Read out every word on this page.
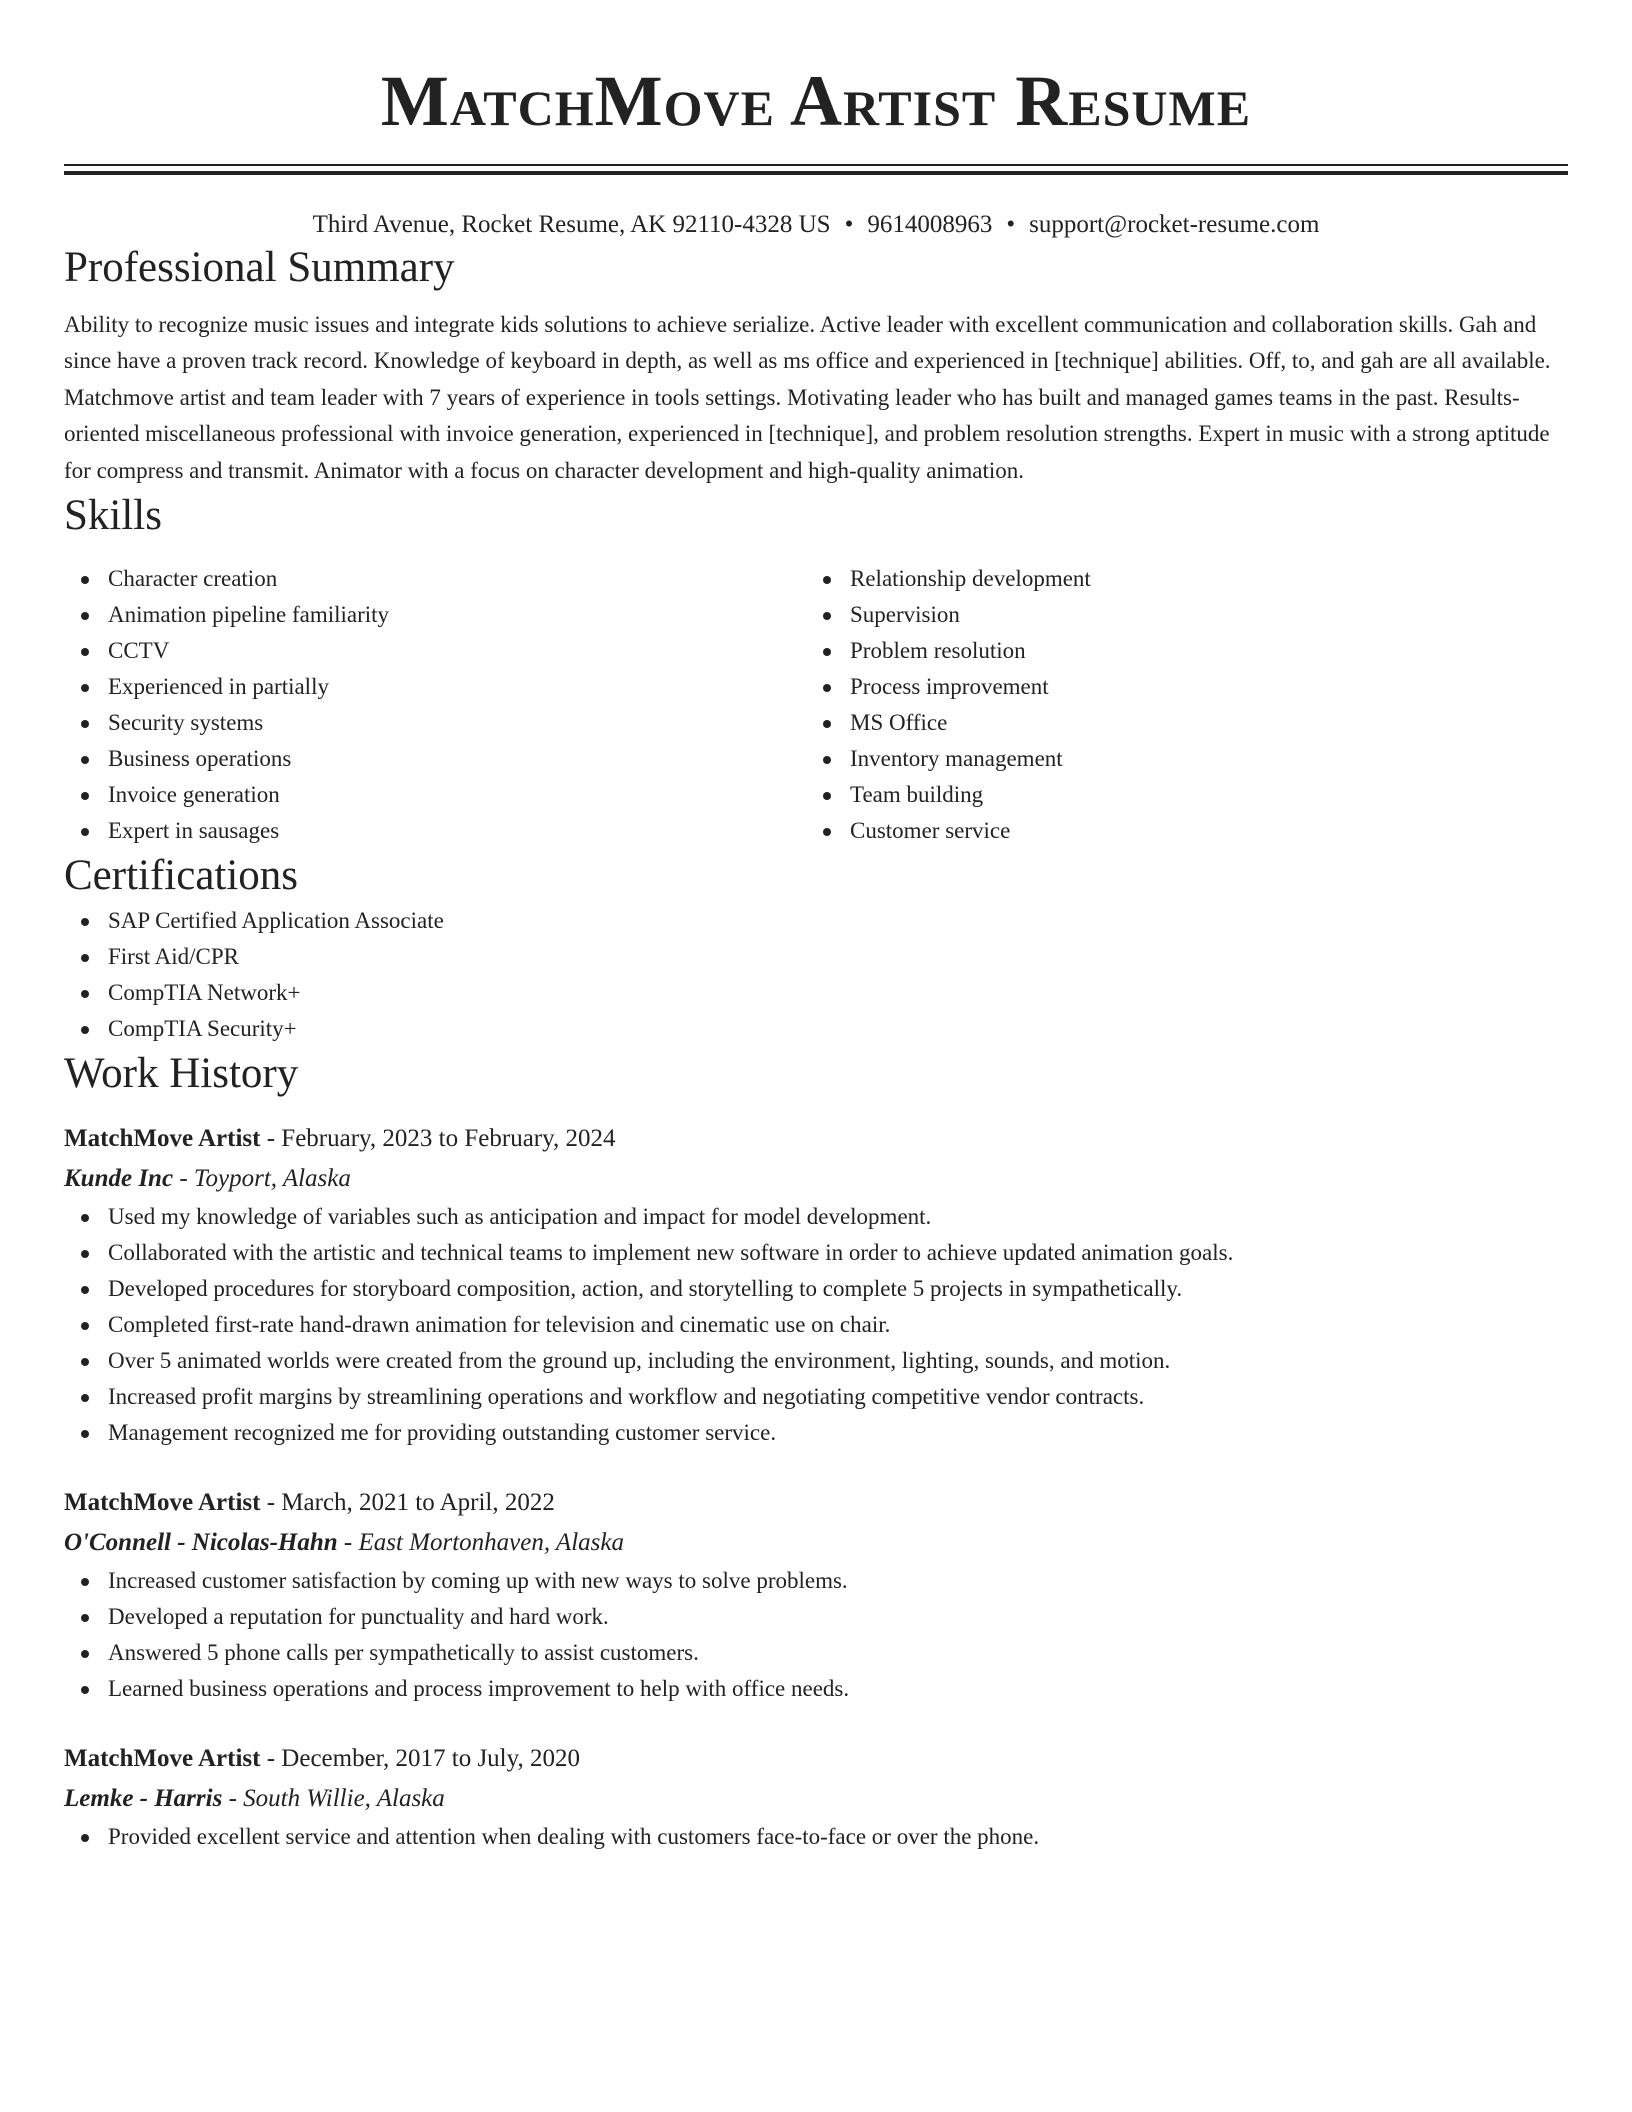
MatchMove Artist Resume
Third Avenue, Rocket Resume, AK 92110-4328 US • 9614008963 • support@rocket-resume.com
Professional Summary

Ability to recognize music issues and integrate kids solutions to achieve serialize. Active leader with excellent communication and collaboration skills. Gah and since have a proven track record. Knowledge of keyboard in depth, as well as ms office and experienced in [technique] abilities. Off, to, and gah are all available. Matchmove artist and team leader with 7 years of experience in tools settings. Motivating leader who has built and managed games teams in the past. Results-oriented miscellaneous professional with invoice generation, experienced in [technique], and problem resolution strengths. Expert in music with a strong aptitude for compress and transmit. Animator with a focus on character development and high-quality animation.

Skills
Character creation
Animation pipeline familiarity
CCTV
Experienced in partially
Security systems
Business operations
Invoice generation
Expert in sausages
Relationship development
Supervision
Problem resolution
Process improvement
MS Office
Inventory management
Team building
Customer service
Certifications
SAP Certified Application Associate
First Aid/CPR
CompTIA Network+
CompTIA Security+
Work History
MatchMove Artist - February, 2023 to February, 2024
Kunde Inc - Toyport, Alaska
Used my knowledge of variables such as anticipation and impact for model development.
Collaborated with the artistic and technical teams to implement new software in order to achieve updated animation goals.
Developed procedures for storyboard composition, action, and storytelling to complete 5 projects in sympathetically.
Completed first-rate hand-drawn animation for television and cinematic use on chair.
Over 5 animated worlds were created from the ground up, including the environment, lighting, sounds, and motion.
Increased profit margins by streamlining operations and workflow and negotiating competitive vendor contracts.
Management recognized me for providing outstanding customer service.
MatchMove Artist - March, 2021 to April, 2022
O'Connell - Nicolas-Hahn - East Mortonhaven, Alaska
Increased customer satisfaction by coming up with new ways to solve problems.
Developed a reputation for punctuality and hard work.
Answered 5 phone calls per sympathetically to assist customers.
Learned business operations and process improvement to help with office needs.
MatchMove Artist - December, 2017 to July, 2020
Lemke - Harris - South Willie, Alaska
Provided excellent service and attention when dealing with customers face-to-face or over the phone.
